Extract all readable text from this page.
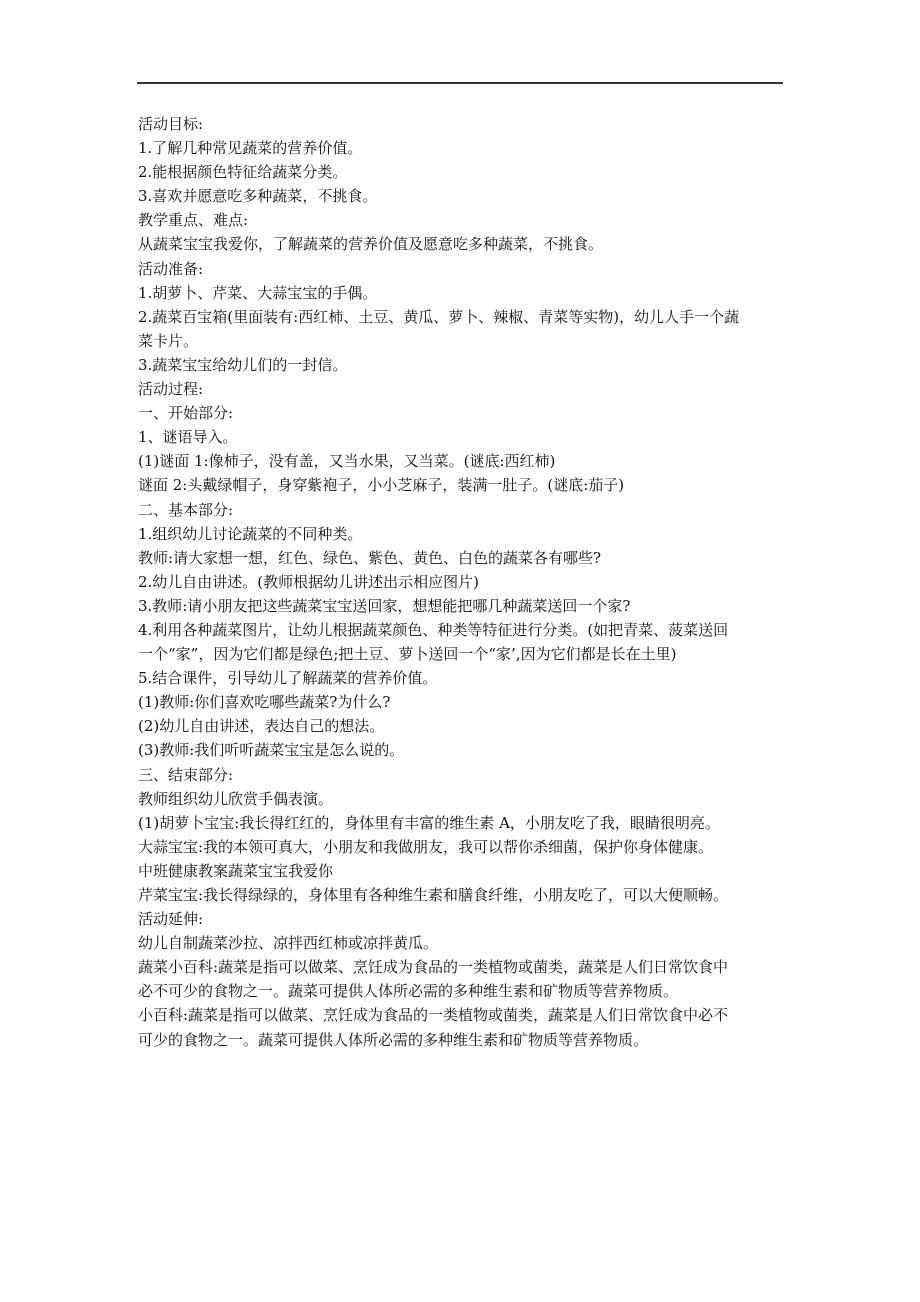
活动目标:

1.了解几种常见蔬菜的营养价值。

2.能根据颜色特征给蔬菜分类。

3.喜欢并愿意吃多种蔬菜，不挑食。

教学重点、难点:

从蔬菜宝宝我爱你，了解蔬菜的营养价值及愿意吃多种蔬菜，不挑食。

活动准备:

1.胡萝卜、芹菜、大蒜宝宝的手偶。

2.蔬菜百宝箱(里面装有:西红柿、土豆、黄瓜、萝卜、辣椒、青菜等实物)，幼儿人手一个蔬

菜卡片。

3.蔬菜宝宝给幼儿们的一封信。

活动过程:

一、开始部分:

1、谜语导入。

(1)谜面 1:像柿子，没有盖，又当水果，又当菜。(谜底:西红柿)

谜面 2:头戴绿帽子，身穿紫袍子，小小芝麻子，装满一肚子。(谜底:茄子)

二、基本部分:

1.组织幼儿讨论蔬菜的不同种类。

教师:请大家想一想，红色、绿色、紫色、黄色、白色的蔬菜各有哪些?

2.幼儿自由讲述。(教师根据幼儿讲述出示相应图片)

3.教师:请小朋友把这些蔬菜宝宝送回家，想想能把哪几种蔬菜送回一个家?

4.利用各种蔬菜图片，让幼儿根据蔬菜颜色、种类等特征进行分类。(如把青菜、菠菜送回

一个“家”，因为它们都是绿色;把土豆、萝卜送回一个“家’,因为它们都是长在土里)

5.结合课件，引导幼儿了解蔬菜的营养价值。

(1)教师:你们喜欢吃哪些蔬菜?为什么?

(2)幼儿自由讲述，表达自己的想法。

(3)教师:我们听听蔬菜宝宝是怎么说的。

三、结束部分:

教师组织幼儿欣赏手偶表演。

(1)胡萝卜宝宝:我长得红红的，身体里有丰富的维生素 A，小朋友吃了我，眼睛很明亮。

大蒜宝宝:我的本领可真大，小朋友和我做朋友，我可以帮你杀细菌，保护你身体健康。

中班健康教案蔬菜宝宝我爱你

芹菜宝宝:我长得绿绿的，身体里有各种维生素和膳食纤维，小朋友吃了，可以大便顺畅。

活动延伸:

幼儿自制蔬菜沙拉、凉拌西红柿或凉拌黄瓜。

蔬菜小百科:蔬菜是指可以做菜、烹饪成为食品的一类植物或菌类，蔬菜是人们日常饮食中

必不可少的食物之一。蔬菜可提供人体所必需的多种维生素和矿物质等营养物质。

小百科:蔬菜是指可以做菜、烹饪成为食品的一类植物或菌类，蔬菜是人们日常饮食中必不

可少的食物之一。蔬菜可提供人体所必需的多种维生素和矿物质等营养物质。
